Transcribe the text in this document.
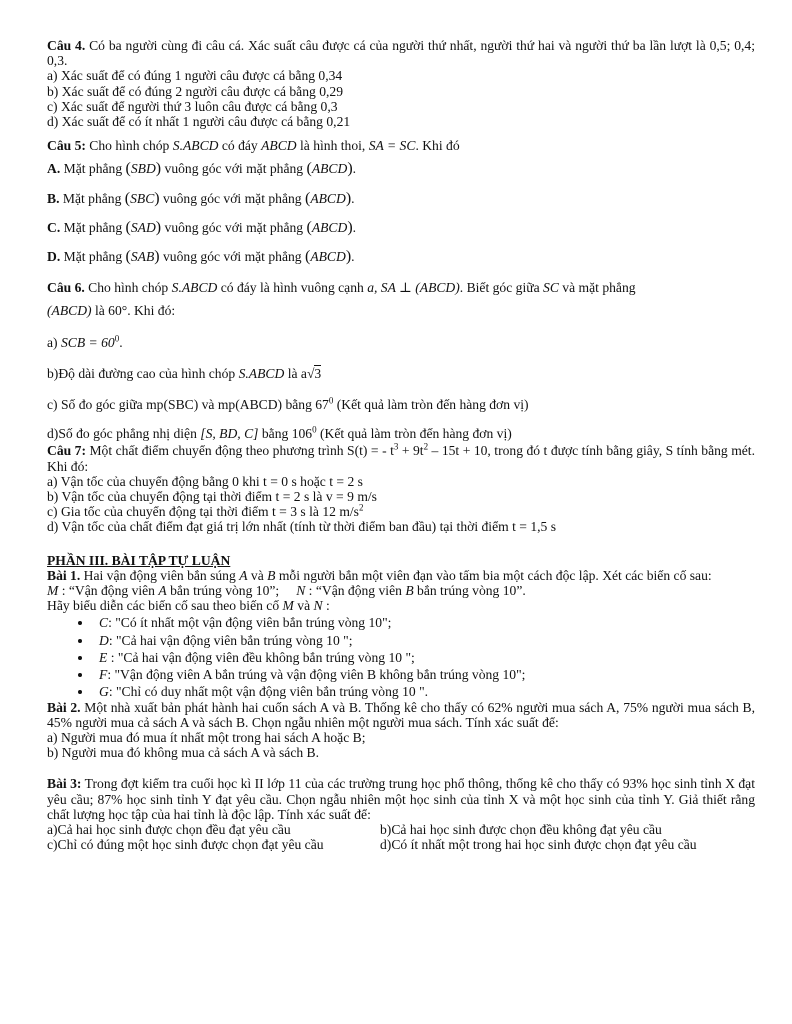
Câu 4. Có ba người cùng đi câu cá. Xác suất câu được cá của người thứ nhất, người thứ hai và người thứ ba lần lượt là 0,5; 0,4; 0,3.

a) Xác suất để có đúng 1 người câu được cá bằng 0,34

b) Xác suất để có đúng 2 người câu được cá bằng 0,29

c) Xác suất để người thứ 3 luôn câu được cá bằng 0,3

d) Xác suất để có ít nhất 1 người câu được cá bằng 0,21

Câu 5: Cho hình chóp S.ABCD có đáy ABCD là hình thoi, SA = SC. Khi đó

A. Mặt phẳng (SBD) vuông góc với mặt phẳng (ABCD).

B. Mặt phẳng (SBC) vuông góc với mặt phẳng (ABCD).

C. Mặt phẳng (SAD) vuông góc với mặt phẳng (ABCD).

D. Mặt phẳng (SAB) vuông góc với mặt phẳng (ABCD).

Câu 6. Cho hình chóp S.ABCD có đáy là hình vuông cạnh a, SA ⊥ (ABCD). Biết góc giữa SC và mặt phẳng

(ABCD) là 60°. Khi đó:

a) SCB = $60^0$.

b)Độ dài đường cao của hình chóp S.ABCD là a√3

c) Số đo góc giữa mp(SBC) và mp(ABCD) bằng $67^0$ (Kết quả làm tròn đến hàng đơn vị)

d)Số đo góc phẳng nhị diện [S, BD, C] bằng $106^0$ (Kết quả làm tròn đến hàng đơn vị)

Câu 7: Một chất điểm chuyển động theo phương trình S(t) = - $t^3 + 9t^2 - 15t + 10$, trong đó t được tính bằng giây, S tính bằng mét. Khi đó:

a) Vận tốc của chuyển động bằng 0 khi t = 0 s hoặc t = 2 s

b) Vận tốc của chuyển động tại thời điểm t = 2 s là v = 9 m/s

c) Gia tốc của chuyển động tại thời điểm t = 3 s là 12 $m/s^2$

d) Vận tốc của chất điểm đạt giá trị lớn nhất (tính từ thời điểm ban đầu) tại thời điểm t = 1,5 s

PHẦN III. BÀI TẬP TỰ LUẬN

Bài 1. Hai vận động viên bắn súng A và B mỗi người bắn một viên đạn vào tấm bia một cách độc lập. Xét các biến cố sau:

M : “Vận động viên A bắn trúng vòng 10”;     N : “Vận động viên B bắn trúng vòng 10”.

Hãy biểu diễn các biến cố sau theo biến cố M và N :

• C: "Có ít nhất một vận động viên bắn trúng vòng 10";
• D: "Cả hai vận động viên bắn trúng vòng 10 ";
• E : "Cả hai vận động viên đều không bắn trúng vòng 10 ";
• F: "Vận động viên A bắn trúng và vận động viên B không bắn trúng vòng 10";
• G: "Chỉ có duy nhất một vận động viên bắn trúng vòng 10 ".

Bài 2. Một nhà xuất bản phát hành hai cuốn sách A và B. Thống kê cho thấy có 62% người mua sách A, 75% người mua sách B, 45% người mua cả sách A và sách B. Chọn ngẫu nhiên một người mua sách. Tính xác suất để:

a) Người mua đó mua ít nhất một trong hai sách A hoặc B;

b) Người mua đó không mua cả sách A và sách B.

Bài 3: Trong đợt kiểm tra cuối học kì II lớp 11 của các trường trung học phổ thông, thống kê cho thấy có 93% học sinh tỉnh X đạt yêu cầu; 87% học sinh tỉnh Y đạt yêu cầu. Chọn ngẫu nhiên một học sinh của tỉnh X và một học sinh của tỉnh Y. Giả thiết rằng chất lượng học tập của hai tỉnh là độc lập. Tính xác suất để:

a)Cả hai học sinh được chọn đều đạt yêu cầu	b)Cả hai học sinh được chọn đều không đạt yêu cầu
c)Chỉ có đúng một học sinh được chọn đạt yêu cầu	d)Có ít nhất một trong hai học sinh được chọn đạt yêu cầu
